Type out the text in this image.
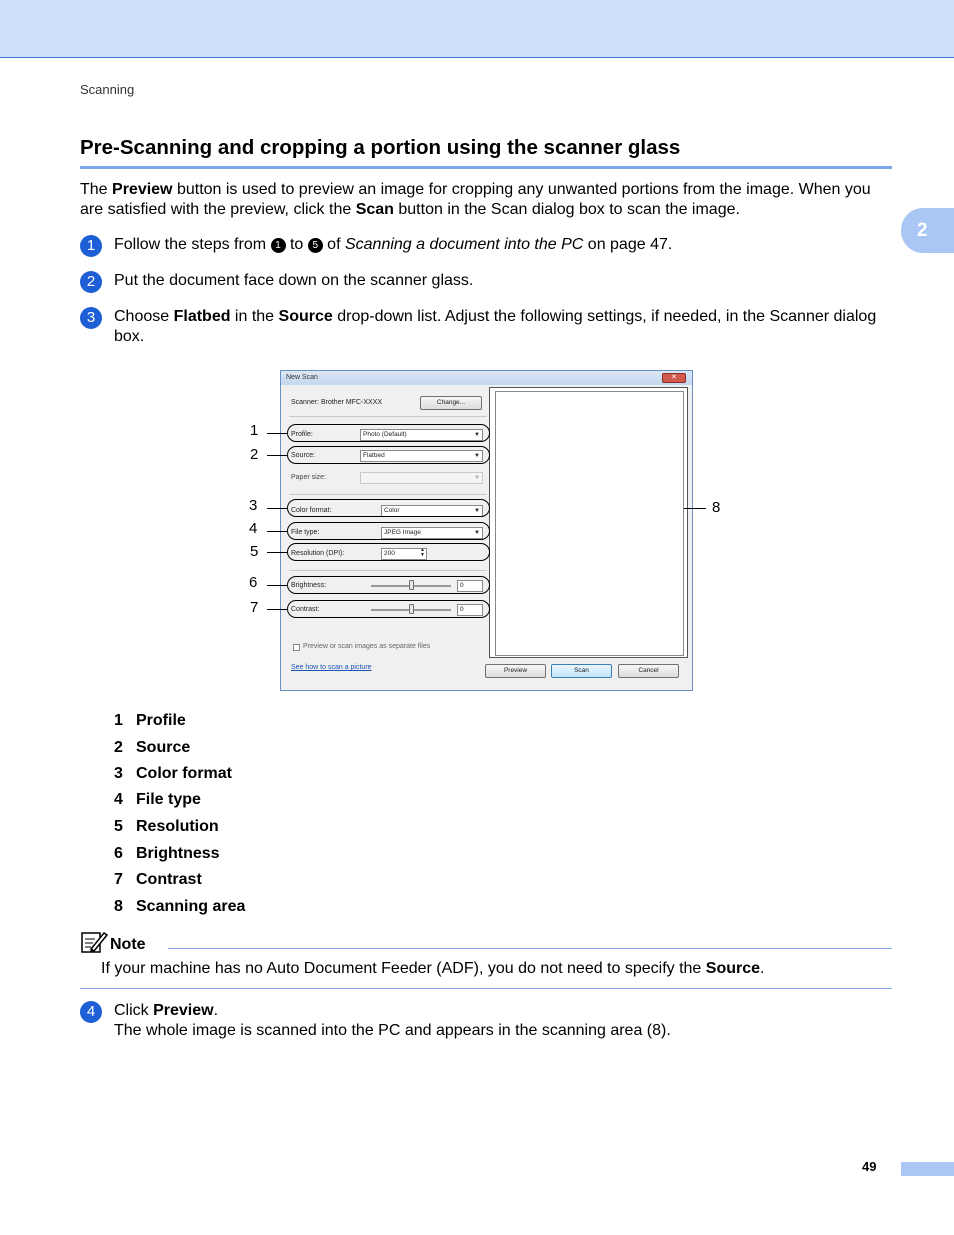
Scanning
2
Pre-Scanning and cropping a portion using the scanner glass
The Preview button is used to preview an image for cropping any unwanted portions from the image. When you are satisfied with the preview, click the Scan button in the Scan dialog box to scan the image.
1	Follow the steps from 1 to 5 of Scanning a document into the PC on page 47.
2	Put the document face down on the scanner glass.
3	Choose Flatbed in the Source drop-down list. Adjust the following settings, if needed, in the Scanner dialog box.
New Scan	✕
Scanner: Brother MFC-XXXX	Change...
Profile:	Photo (Default)	▼
Source:	Flatbed	▼
Paper size:	▼
Color format:	Color	▼
File type:	JPEG Image	▼
Resolution (DPI):	200	▲
▼
Brightness:	0
Contrast:	0
Preview or scan images as separate files
See how to scan a picture	Preview	Scan	Cancel
1
2
3
4
5
6
7
8
1 Profile
2 Source
3 Color format
4 File type
5 Resolution
6 Brightness
7 Contrast
8 Scanning area
Note
If your machine has no Auto Document Feeder (ADF), you do not need to specify the Source.
4	Click Preview.
The whole image is scanned into the PC and appears in the scanning area (8).
49
